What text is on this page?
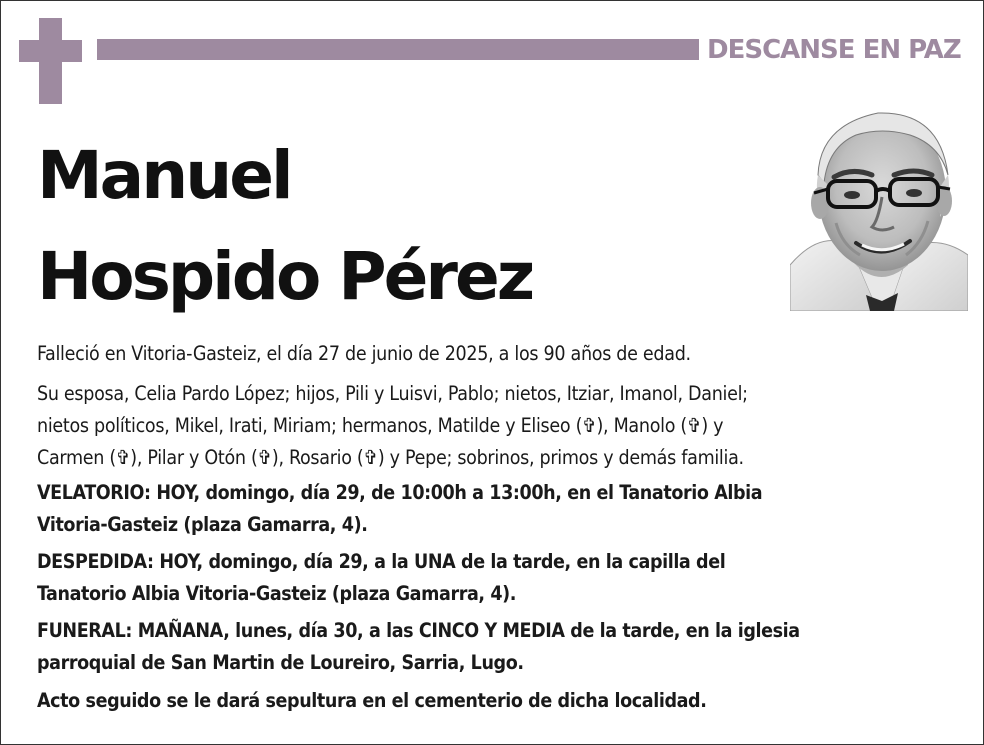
DESCANSE EN PAZ
Manuel
Hospido Pérez
Falleció en Vitoria-Gasteiz, el día 27 de junio de 2025, a los 90 años de edad.
Su esposa, Celia Pardo López; hijos, Pili y Luisvi, Pablo; nietos, Itziar, Imanol, Daniel;
nietos políticos, Mikel, Irati, Miriam; hermanos, Matilde y Eliseo (✞), Manolo (✞) y
Carmen (✞), Pilar y Otón (✞), Rosario (✞) y Pepe; sobrinos, primos y demás familia.
VELATORIO: HOY, domingo, día 29, de 10:00h a 13:00h, en el Tanatorio Albia
Vitoria-Gasteiz (plaza Gamarra, 4).
DESPEDIDA: HOY, domingo, día 29, a la UNA de la tarde, en la capilla del
Tanatorio Albia Vitoria-Gasteiz (plaza Gamarra, 4).
FUNERAL: MAÑANA, lunes, día 30, a las CINCO Y MEDIA de la tarde, en la iglesia
parroquial de San Martin de Loureiro, Sarria, Lugo.
Acto seguido se le dará sepultura en el cementerio de dicha localidad.
